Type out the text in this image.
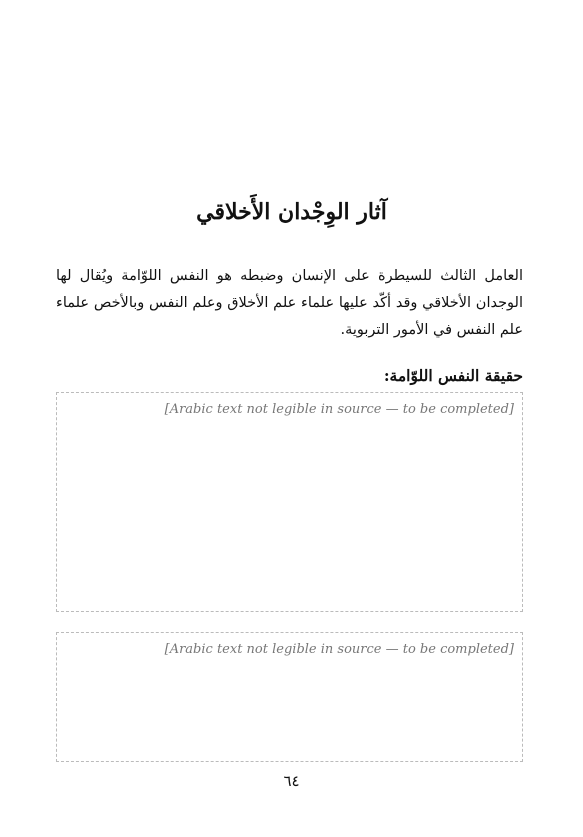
آثار الوِجْدان الأَخلاقي

العامل الثالث للسيطرة على الإنسان وضبطه هو النفس اللوّامة ويُقال لها الوجدان الأخلاقي وقد أكّد عليها علماء علم الأخلاق وعلم النفس وبالأخص علماء علم النفس في الأمور التربوية.

حقيقة النفس اللوّامة:

[Arabic text not legible in source — to be completed]

[Arabic text not legible in source — to be completed]

٦٤
